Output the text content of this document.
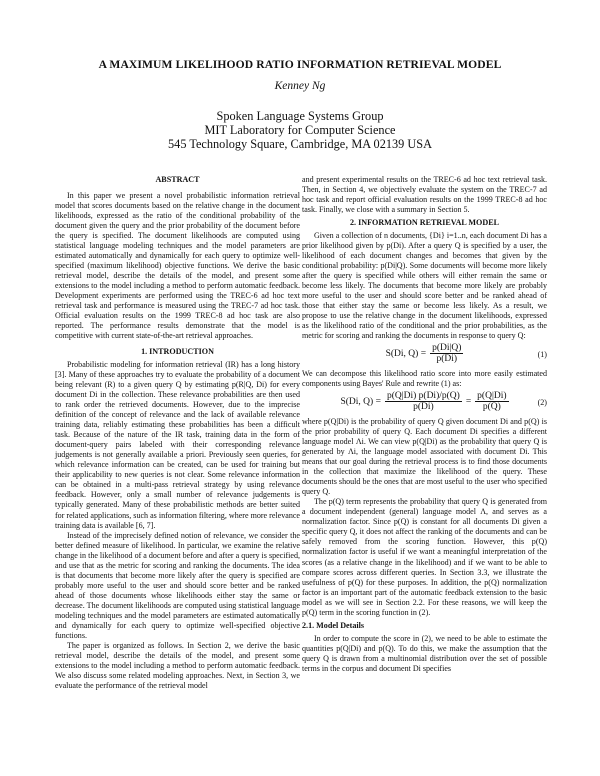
A MAXIMUM LIKELIHOOD RATIO INFORMATION RETRIEVAL MODEL
Kenney Ng
Spoken Language Systems Group
MIT Laboratory for Computer Science
545 Technology Square, Cambridge, MA 02139 USA
ABSTRACT

In this paper we present a novel probabilistic information retrieval model that scores documents based on the relative change in the document likelihoods, expressed as the ratio of the conditional probability of the document given the query and the prior probability of the document before the query is specified. The document likelihoods are computed using statistical language modeling techniques and the model parameters are estimated automatically and dynamically for each query to optimize well-specified (maximum likelihood) objective functions. We derive the basic retrieval model, describe the details of the model, and present some extensions to the model including a method to perform automatic feedback. Development experiments are performed using the TREC-6 ad hoc text retrieval task and performance is measured using the TREC-7 ad hoc task. Official evaluation results on the 1999 TREC-8 ad hoc task are also reported. The performance results demonstrate that the model is competitive with current state-of-the-art retrieval approaches.

1. INTRODUCTION

Probabilistic modeling for information retrieval (IR) has a long history [3]. Many of these approaches try to evaluate the probability of a document being relevant (R) to a given query Q by estimating p(R|Q, Di) for every document Di in the collection. These relevance probabilities are then used to rank order the retrieved documents. However, due to the imprecise definition of the concept of relevance and the lack of available relevance training data, reliably estimating these probabilities has been a difficult task. Because of the nature of the IR task, training data in the form of document-query pairs labeled with their corresponding relevance judgements is not generally available a priori. Previously seen queries, for which relevance information can be created, can be used for training but their applicability to new queries is not clear. Some relevance information can be obtained in a multi-pass retrieval strategy by using relevance feedback. However, only a small number of relevance judgements is typically generated. Many of these probabilistic methods are better suited for related applications, such as information filtering, where more relevance training data is available [6, 7].

Instead of the imprecisely defined notion of relevance, we consider the better defined measure of likelihood. In particular, we examine the relative change in the likelihood of a document before and after a query is specified, and use that as the metric for scoring and ranking the documents. The idea is that documents that become more likely after the query is specified are probably more useful to the user and should score better and be ranked ahead of those documents whose likelihoods either stay the same or decrease. The document likelihoods are computed using statistical language modeling techniques and the model parameters are estimated automatically and dynamically for each query to optimize well-specified objective functions.

The paper is organized as follows. In Section 2, we derive the basic retrieval model, describe the details of the model, and present some extensions to the model including a method to perform automatic feedback. We also discuss some related modeling approaches. Next, in Section 3, we evaluate the performance of the retrieval model

and present experimental results on the TREC-6 ad hoc text retrieval task. Then, in Section 4, we objectively evaluate the system on the TREC-7 ad hoc task and report official evaluation results on the 1999 TREC-8 ad hoc task. Finally, we close with a summary in Section 5.

2. INFORMATION RETRIEVAL MODEL

Given a collection of n documents, {Di} i=1..n, each document Di has a prior likelihood given by p(Di). After a query Q is specified by a user, the likelihood of each document changes and becomes that given by the conditional probability: p(Di|Q). Some documents will become more likely after the query is specified while others will either remain the same or become less likely. The documents that become more likely are probably more useful to the user and should score better and be ranked ahead of those that either stay the same or become less likely. As a result, we propose to use the relative change in the document likelihoods, expressed as the likelihood ratio of the conditional and the prior probabilities, as the metric for scoring and ranking the documents in response to query Q:

S(Di, $Q) = \frac{p(Di|Q)}{p(Di)}$	(1)

We can decompose this likelihood ratio score into more easily estimated components using Bayes' Rule and rewrite (1) as:

S(Di, $Q) = \frac{p(Q|Di) p(Di)/p(Q)}{p(Di)} = \frac{p(Q|Di)}{p(Q)}$	(2)

where p(Q|Di) is the probability of query Q given document Di and p(Q) is the prior probability of query Q. Each document Di specifies a different language model Λi. We can view p(Q|Di) as the probability that query Q is generated by Λi, the language model associated with document Di. This means that our goal during the retrieval process is to find those documents in the collection that maximize the likelihood of the query. These documents should be the ones that are most useful to the user who specified query Q.

The p(Q) term represents the probability that query Q is generated from a document independent (general) language model Λ, and serves as a normalization factor. Since p(Q) is constant for all documents Di given a specific query Q, it does not affect the ranking of the documents and can be safely removed from the scoring function. However, this p(Q) normalization factor is useful if we want a meaningful interpretation of the scores (as a relative change in the likelihood) and if we want to be able to compare scores across different queries. In Section 3.3, we illustrate the usefulness of p(Q) for these purposes. In addition, the p(Q) normalization factor is an important part of the automatic feedback extension to the basic model as we will see in Section 2.2. For these reasons, we will keep the p(Q) term in the scoring function in (2).

2.1. Model Details

In order to compute the score in (2), we need to be able to estimate the quantities p(Q|Di) and p(Q). To do this, we make the assumption that the query Q is drawn from a multinomial distribution over the set of possible terms in the corpus and document Di specifies
